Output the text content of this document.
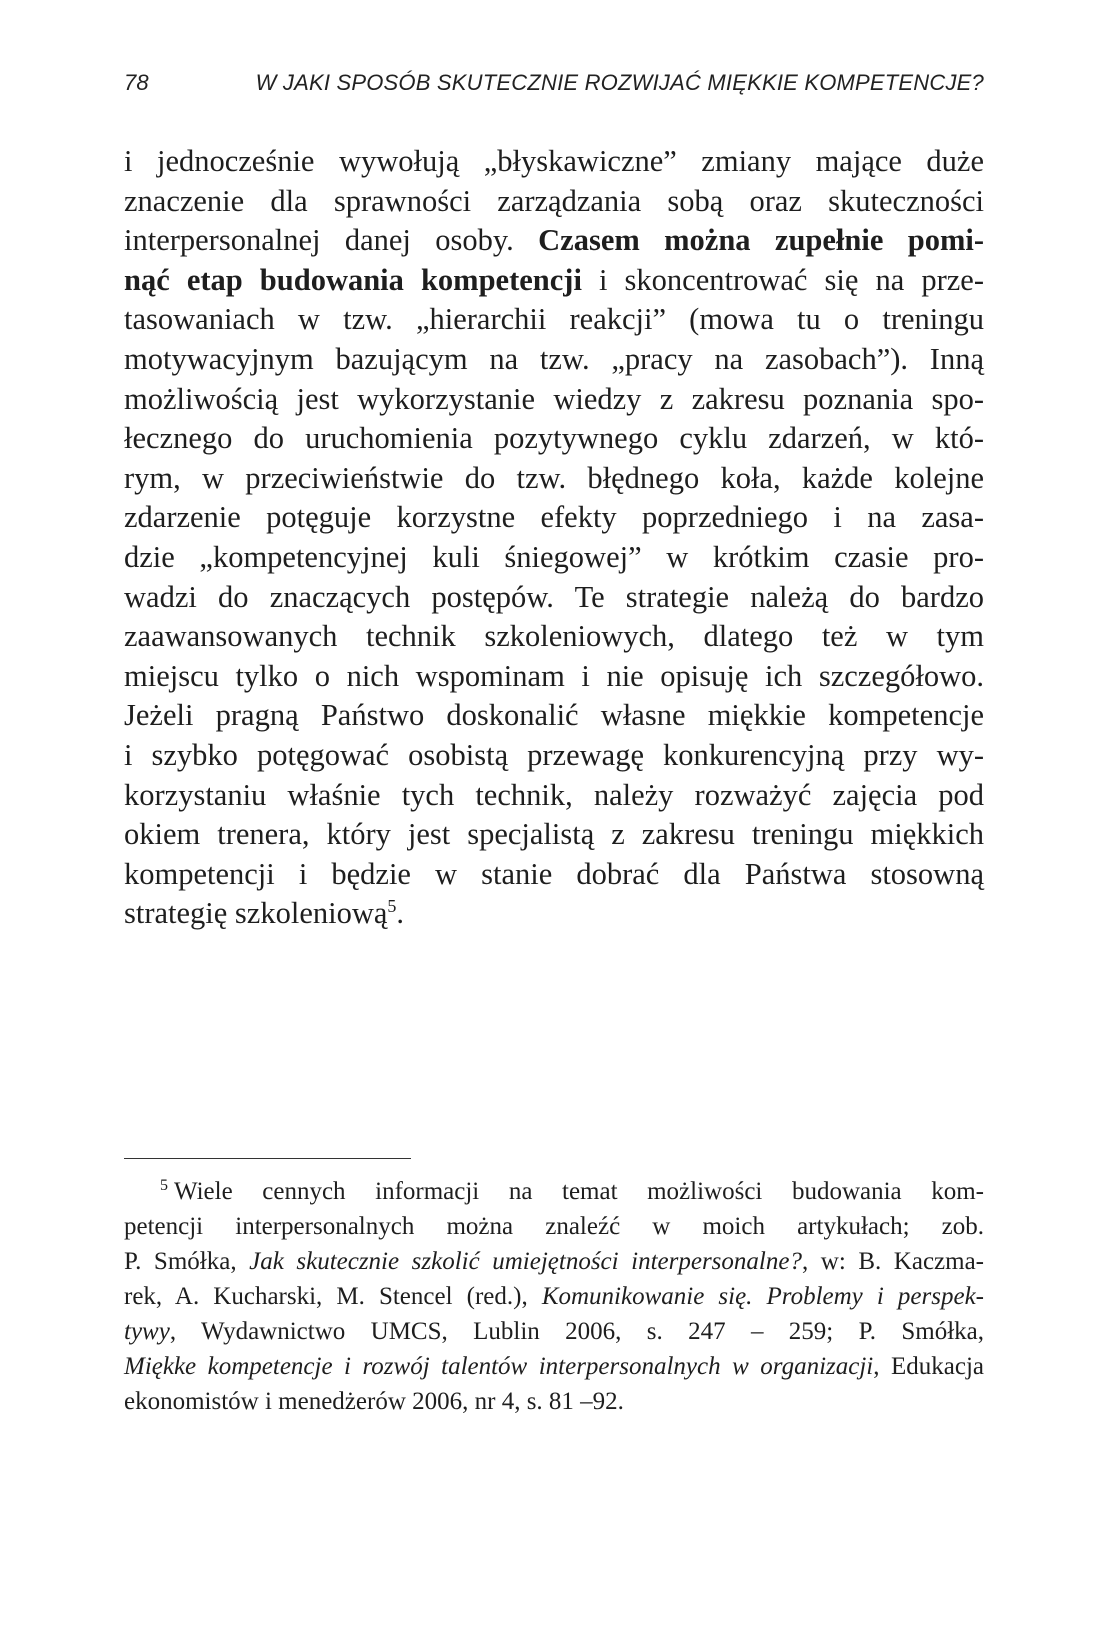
78	W JAKI SPOSÓB SKUTECZNIE ROZWIJAĆ MIĘKKIE KOMPETENCJE?
i jednocześnie wywołują „błyskawiczne” zmiany mające duże
znaczenie dla sprawności zarządzania sobą oraz skuteczności
interpersonalnej danej osoby. Czasem można zupełnie pomi-
nąć etap budowania kompetencji i skoncentrować się na prze-
tasowaniach w tzw. „hierarchii reakcji” (mowa tu o treningu
motywacyjnym bazującym na tzw. „pracy na zasobach”). Inną
możliwością jest wykorzystanie wiedzy z zakresu poznania spo-
łecznego do uruchomienia pozytywnego cyklu zdarzeń, w któ-
rym, w przeciwieństwie do tzw. błędnego koła, każde kolejne
zdarzenie potęguje korzystne efekty poprzedniego i na zasa-
dzie „kompetencyjnej kuli śniegowej” w krótkim czasie pro-
wadzi do znaczących postępów. Te strategie należą do bardzo
zaawansowanych technik szkoleniowych, dlatego też w tym
miejscu tylko o nich wspominam i nie opisuję ich szczegółowo.
Jeżeli pragną Państwo doskonalić własne miękkie kompetencje
i szybko potęgować osobistą przewagę konkurencyjną przy wy-
korzystaniu właśnie tych technik, należy rozważyć zajęcia pod
okiem trenera, który jest specjalistą z zakresu treningu miękkich
kompetencji i będzie w stanie dobrać dla Państwa stosowną
strategię szkoleniową$^5$.
$^5$ Wiele cennych informacji na temat możliwości budowania kom-
petencji interpersonalnych można znaleźć w moich artykułach; zob.
P. Smółka, Jak skutecznie szkolić umiejętności interpersonalne?, w: B. Kaczma-
rek, A. Kucharski, M. Stencel (red.), Komunikowanie się. Problemy i perspek-
tywy, Wydawnictwo UMCS, Lublin 2006, s. 247 – 259; P. Smółka,
Miękke kompetencje i rozwój talentów interpersonalnych w organizacji, Edukacja
ekonomistów i menedżerów 2006, nr 4, s. 81 –92.
